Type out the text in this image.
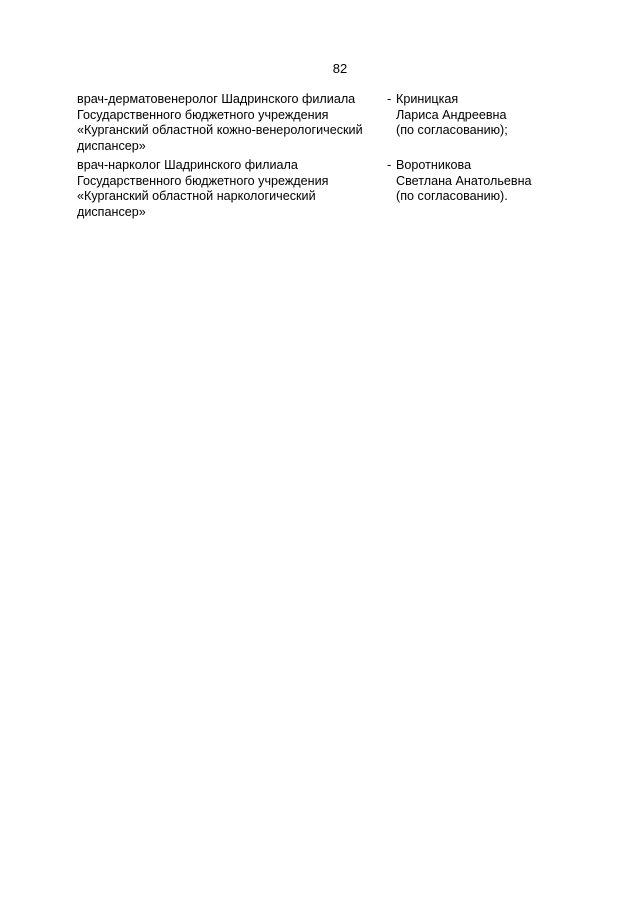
82
врач-дерматовенеролог Шадринского филиала
Государственного бюджетного учреждения
«Курганский областной кожно-венерологический
диспансер»
- Криницкая
Лариса Андреевна
(по согласованию);
врач-нарколог Шадринского филиала
Государственного бюджетного учреждения
«Курганский областной наркологический
диспансер»
- Воротникова
Светлана Анатольевна
(по согласованию).
